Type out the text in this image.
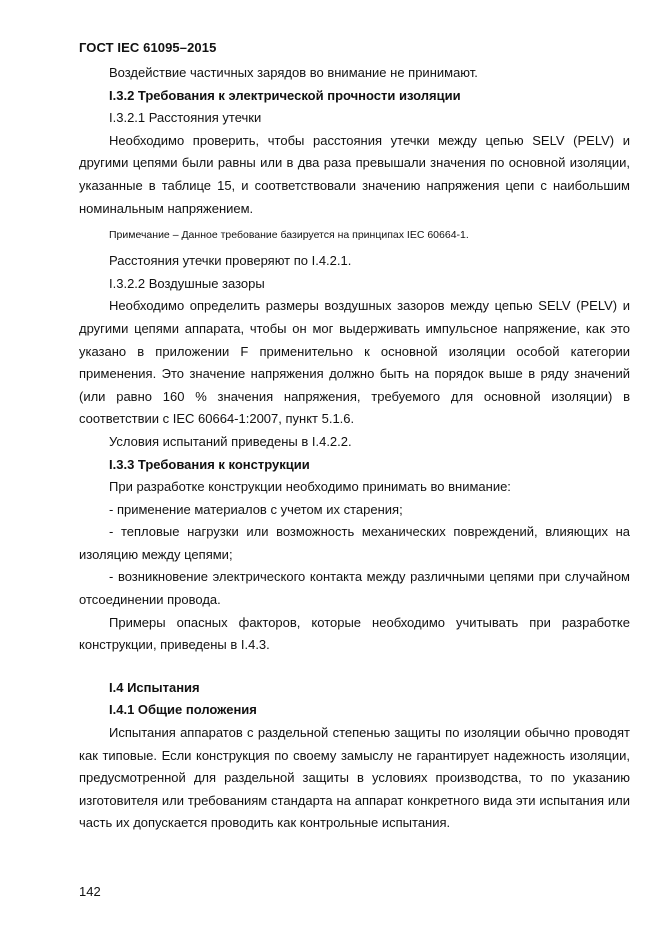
ГОСТ IEC 61095–2015

Воздействие частичных зарядов во внимание не принимают.

I.3.2 Требования к электрической прочности изоляции

I.3.2.1 Расстояния утечки

Необходимо проверить, чтобы расстояния утечки между цепью SELV (PELV) и другими цепями были равны или в два раза превышали значения по основной изоляции, указанные в таблице 15, и соответствовали значению напряжения цепи с наибольшим номинальным напряжением.

Примечание – Данное требование базируется на принципах IEC 60664-1.

Расстояния утечки проверяют по I.4.2.1.

I.3.2.2 Воздушные зазоры

Необходимо определить размеры воздушных зазоров между цепью SELV (PELV) и другими цепями аппарата, чтобы он мог выдерживать импульсное напряжение, как это указано в приложении F применительно к основной изоляции особой категории применения. Это значение напряжения должно быть на порядок выше в ряду значений (или равно 160 % значения напряжения, требуемого для основной изоляции) в соответствии с IEC 60664-1:2007, пункт 5.1.6.

Условия испытаний приведены в I.4.2.2.

I.3.3 Требования к конструкции

При разработке конструкции необходимо принимать во внимание:

- применение материалов с учетом их старения;

- тепловые нагрузки или возможность механических повреждений, влияющих на изоляцию между цепями;

- возникновение электрического контакта между различными цепями при случайном отсоединении провода.

Примеры опасных факторов, которые необходимо учитывать при разработке конструкции, приведены в I.4.3.

I.4 Испытания

I.4.1 Общие положения

Испытания аппаратов с раздельной степенью защиты по изоляции обычно проводят как типовые. Если конструкция по своему замыслу не гарантирует надежность изоляции, предусмотренной для раздельной защиты в условиях производства, то по указанию изготовителя или требованиям стандарта на аппарат конкретного вида эти испытания или часть их допускается проводить как контрольные испытания.

142
